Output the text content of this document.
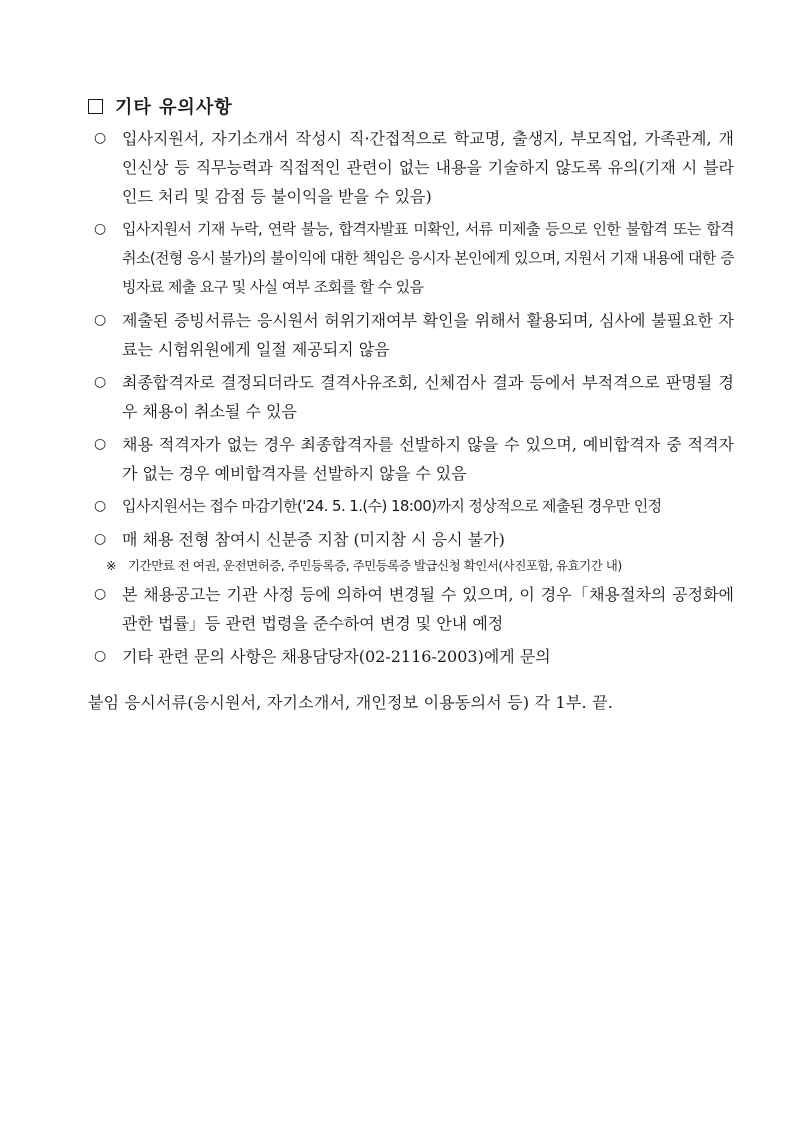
기타 유의사항
○ 입사지원서, 자기소개서 작성시 직·간접적으로 학교명, 출생지, 부모직업, 가족관계, 개인신상 등 직무능력과 직접적인 관련이 없는 내용을 기술하지 않도록 유의(기재 시 블라인드 처리 및 감점 등 불이익을 받을 수 있음)
○ 입사지원서 기재 누락, 연락 불능, 합격자발표 미확인, 서류 미제출 등으로 인한 불합격 또는 합격 취소(전형 응시 불가)의 불이익에 대한 책임은 응시자 본인에게 있으며, 지원서 기재 내용에 대한 증빙자료 제출 요구 및 사실 여부 조회를 할 수 있음
○ 제출된 증빙서류는 응시원서 허위기재여부 확인을 위해서 활용되며, 심사에 불필요한 자료는 시험위원에게 일절 제공되지 않음
○ 최종합격자로 결정되더라도 결격사유조회, 신체검사 결과 등에서 부적격으로 판명될 경우 채용이 취소될 수 있음
○ 채용 적격자가 없는 경우 최종합격자를 선발하지 않을 수 있으며, 예비합격자 중 적격자가 없는 경우 예비합격자를 선발하지 않을 수 있음
○ 입사지원서는 접수 마감기한('24. 5. 1.(수) 18:00)까지 정상적으로 제출된 경우만 인정
○ 매 채용 전형 참여시 신분증 지참 (미지참 시 응시 불가)
※ 기간만료 전 여권, 운전면허증, 주민등록증, 주민등록증 발급신청 확인서(사진포함, 유효기간 내)
○ 본 채용공고는 기관 사정 등에 의하여 변경될 수 있으며, 이 경우「채용절차의 공정화에 관한 법률」등 관련 법령을 준수하여 변경 및 안내 예정
○ 기타 관련 문의 사항은 채용담당자(02-2116-2003)에게 문의
붙임 응시서류(응시원서, 자기소개서, 개인정보 이용동의서 등) 각 1부. 끝.
